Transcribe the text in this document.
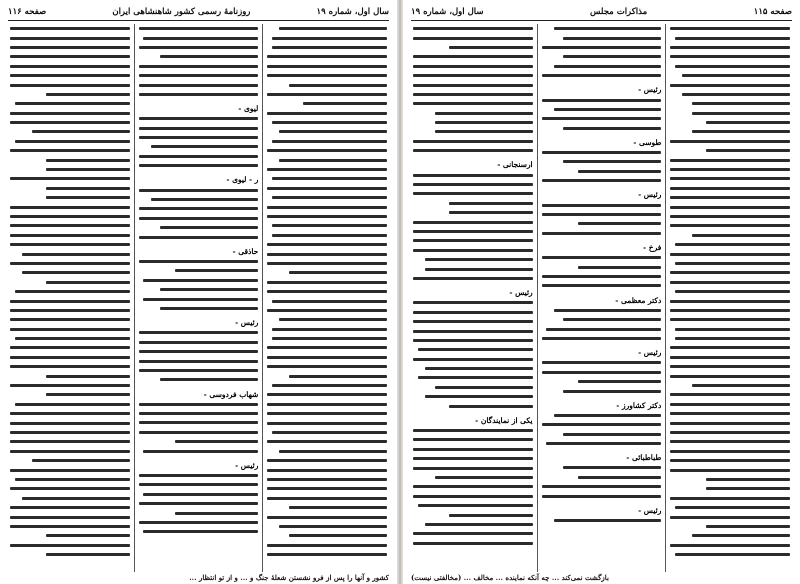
صفحه ۱۱۶	روزنامهٔ رسمی کشور شاهنشاهی ایران	سال اول، شماره ۱۹
لیوی -
ر - لیوی -
حاذقی -
رئیس -
شهاب فردوسی -
رئیس -
کشور و آنها را پس از فرو نشستن شعلهٔ جنگ و ... و از تو انتظار ...
سال اول، شماره ۱۹	مذاکرات مجلس	صفحه ۱۱۵
رئیس -
طوسی -
رئیس -
فرخ -
دکتر معظمی -
رئیس -
دکتر کشاورز -
طباطبائی -
رئیس -
ارسنجانی -
رئیس -
یکی از نمایندگان -
بازگشت نمی‌کند ... چه آنکه نماینده ... مخالف ... (مخالفتی نیست)
